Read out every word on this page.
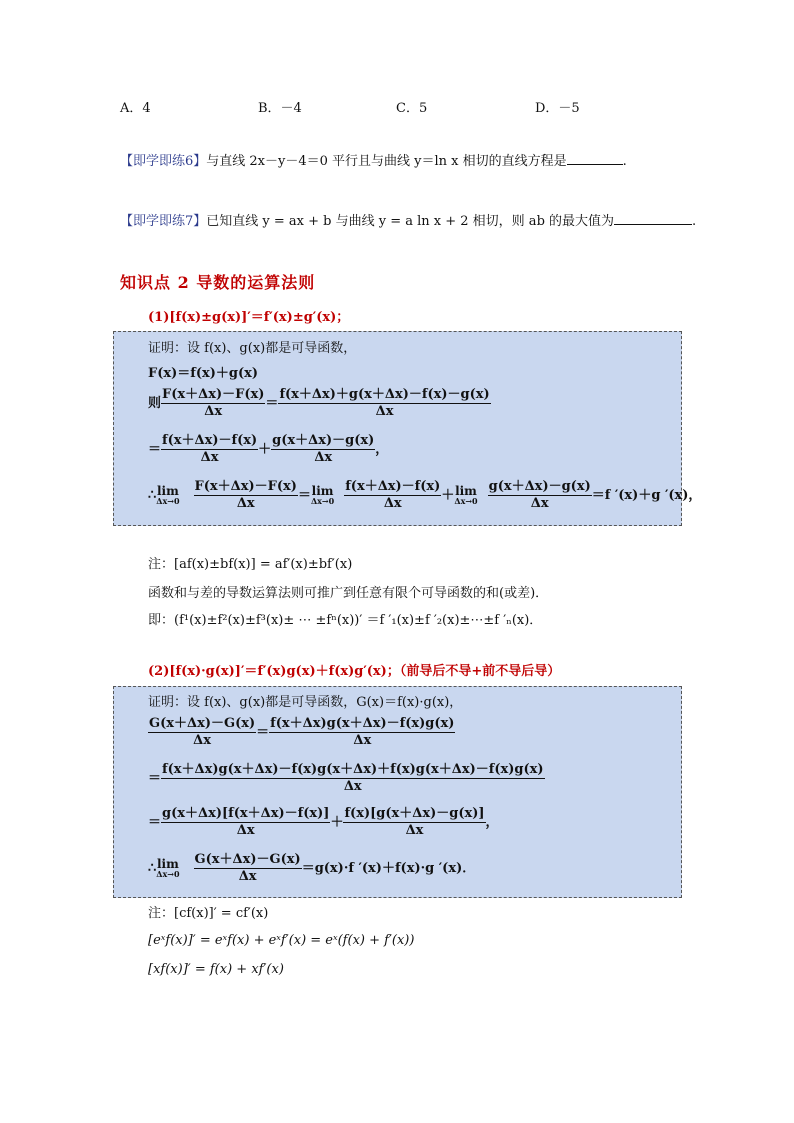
A．4	B．－4	C．5	D．－5
【即学即练6】与直线 2x－y－4＝0 平行且与曲线 y＝ln x 相切的直线方程是	.
【即学即练7】已知直线 y = ax + b 与曲线 y = a ln x + 2 相切，则 ab 的最大值为	.
知识点 2 导数的运算法则
(1)[f(x)±g(x)]′＝f′(x)±g′(x)；
证明：设 f(x)、g(x)都是可导函数，
F(x)＝f(x)＋g(x)
则 $\frac{F(x+\Delta x)-F(x)}{\Delta x} = \frac{f(x+\Delta x)+g(x+\Delta x)-f(x)-g(x)}{\Delta x}$
＝ $\frac{f(x+\Delta x)-f(x)}{\Delta x} + \frac{g(x+\Delta x)-g(x)}{\Delta x}$ ，
∴ lim
$\Delta x\to 0 \frac{F(x+\Delta x)-F(x)}{\Delta x} = \lim$
$\Delta x\to 0 \frac{f(x+\Delta x)-f(x)}{\Delta x} + \lim$
$\Delta x\to 0 \frac{g(x+\Delta x)-g(x)}{\Delta x} =f$ ′(x)＋g ′(x)，
注：[af(x)±bf(x)] = af′(x)±bf′(x)
函数和与差的导数运算法则可推广到任意有限个可导函数的和(或差)．
即：(f¹(x)±f²(x)±f³(x)± ⋯ ±fⁿ(x))′ ＝f ′₁(x)±f ′₂(x)±⋯±f ′ₙ(x)．
(2)[f(x)·g(x)]′＝f′(x)g(x)＋f(x)g′(x)；（前导后不导+前不导后导）
证明：设 f(x)、g(x)都是可导函数，G(x)＝f(x)·g(x)，
$\frac{G(x+\Delta x)-G(x)}{\Delta x} = \frac{f(x+\Delta x)g(x+\Delta x)-f(x)g(x)}{\Delta x}$
＝ $\frac{f(x+\Delta x)g(x+\Delta x)-f(x)g(x+\Delta x)+f(x)g(x+\Delta x)-f(x)g(x)}{\Delta x}$
＝ $\frac{g(x+\Delta x)[f(x+\Delta x)-f(x)]}{\Delta x} + \frac{f(x)[g(x+\Delta x)-g(x)]}{\Delta x}$ ，
∴ lim
$\Delta x\to 0 \frac{G(x+\Delta x)-G(x)}{\Delta x} =g(x)\cdot f$ ′(x)＋f(x)·g ′(x)．
注：[cf(x)]′ = cf′(x)
[eˣf(x)]′ = eˣf(x) + eˣf′(x) = eˣ(f(x) + f′(x))
[xf(x)]′ = f(x) + xf′(x)
